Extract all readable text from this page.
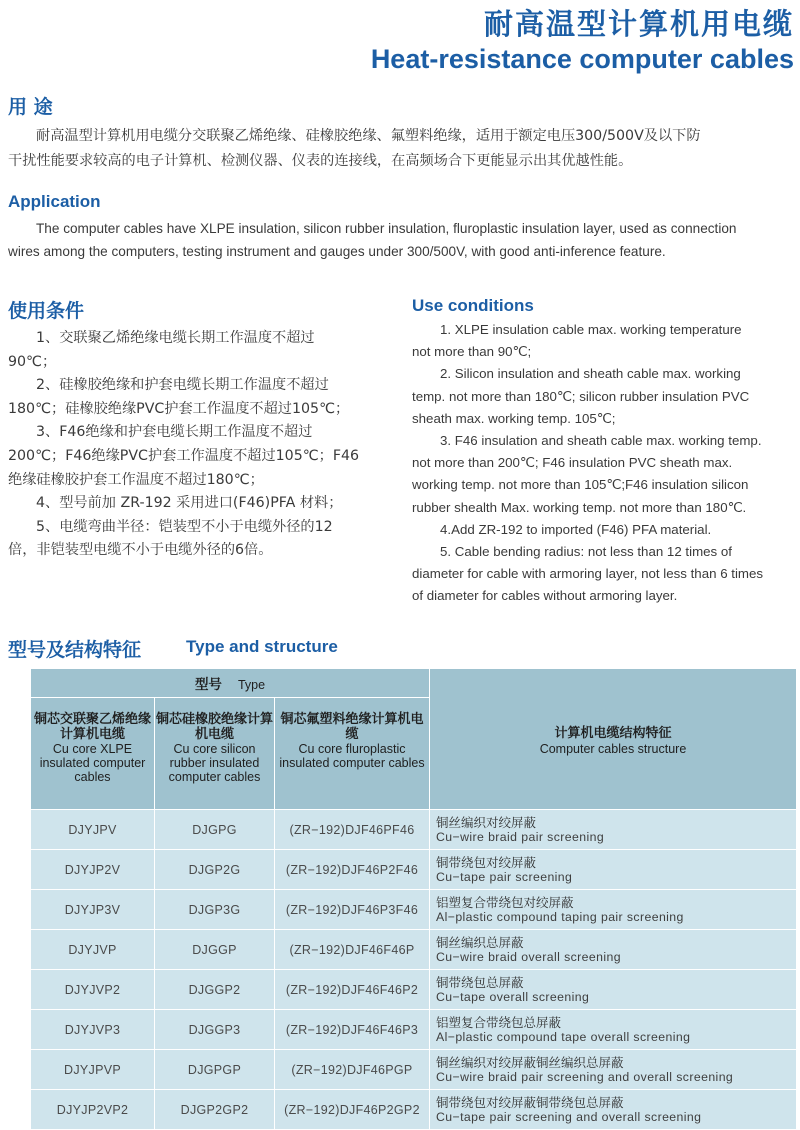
耐高温型计算机用电缆
Heat-resistance computer cables
用 途
耐高温型计算机用电缆分交联聚乙烯绝缘、硅橡胶绝缘、氟塑料绝缘，适用于额定电压300/500V及以下防
干扰性能要求较高的电子计算机、检测仪器、仪表的连接线，在高频场合下更能显示出其优越性能。
Application
The computer cables have XLPE insulation, silicon rubber insulation, fluroplastic insulation layer, used as connection
wires among the computers, testing instrument and gauges under 300/500V, with good anti-inference feature.
使用条件
1、交联聚乙烯绝缘电缆长期工作温度不超过
90℃；
2、硅橡胶绝缘和护套电缆长期工作温度不超过
180℃；硅橡胶绝缘PVC护套工作温度不超过105℃；
3、F46绝缘和护套电缆长期工作温度不超过
200℃；F46绝缘PVC护套工作温度不超过105℃；F46
绝缘硅橡胶护套工作温度不超过180℃；
4、型号前加 ZR-192 采用进口(F46)PFA 材料；
5、电缆弯曲半径：铠装型不小于电缆外径的12
倍，非铠装型电缆不小于电缆外径的6倍。
Use conditions
1. XLPE insulation cable max. working temperature
not more than 90℃;
2. Silicon insulation and sheath cable max. working
temp. not more than 180℃; silicon rubber insulation PVC
sheath max. working temp. 105℃;
3. F46 insulation and sheath cable max. working temp.
not more than 200℃; F46 insulation PVC sheath max.
working temp. not more than 105℃;F46 insulation silicon
rubber shealth Max. working temp. not more than 180℃.
4.Add ZR-192 to imported (F46) PFA material.
5. Cable bending radius: not less than 12 times of
diameter for cable with armoring layer, not less than 6 times
of diameter for cables without armoring layer.
型号及结构特征	Type and structure
型号 Type			计算机电缆结构特征
Computer cables structure

铜芯交联聚乙烯绝缘计算机电缆
Cu core XLPE insulated computer cables	铜芯硅橡胶绝缘计算机电缆
Cu core silicon rubber insulated computer cables	铜芯氟塑料绝缘计算机电缆
Cu core fluroplastic insulated computer cables	

DJYJPV	DJGPG	(ZR−192)DJF46PF46	铜丝编织对绞屏蔽
Cu−wire braid pair screening

DJYJP2V	DJGP2G	(ZR−192)DJF46P2F46	铜带绕包对绞屏蔽
Cu−tape pair screening

DJYJP3V	DJGP3G	(ZR−192)DJF46P3F46	铝塑复合带绕包对绞屏蔽
Al−plastic compound taping pair screening

DJYJVP	DJGGP	(ZR−192)DJF46F46P	铜丝编织总屏蔽
Cu−wire braid overall screening

DJYJVP2	DJGGP2	(ZR−192)DJF46F46P2	铜带绕包总屏蔽
Cu−tape overall screening

DJYJVP3	DJGGP3	(ZR−192)DJF46F46P3	铝塑复合带绕包总屏蔽
Al−plastic compound tape overall screening

DJYJPVP	DJGPGP	(ZR−192)DJF46PGP	铜丝编织对绞屏蔽铜丝编织总屏蔽
Cu−wire braid pair screening and overall screening

DJYJP2VP2	DJGP2GP2	(ZR−192)DJF46P2GP2	铜带绕包对绞屏蔽铜带绕包总屏蔽
Cu−tape pair screening and overall screening
